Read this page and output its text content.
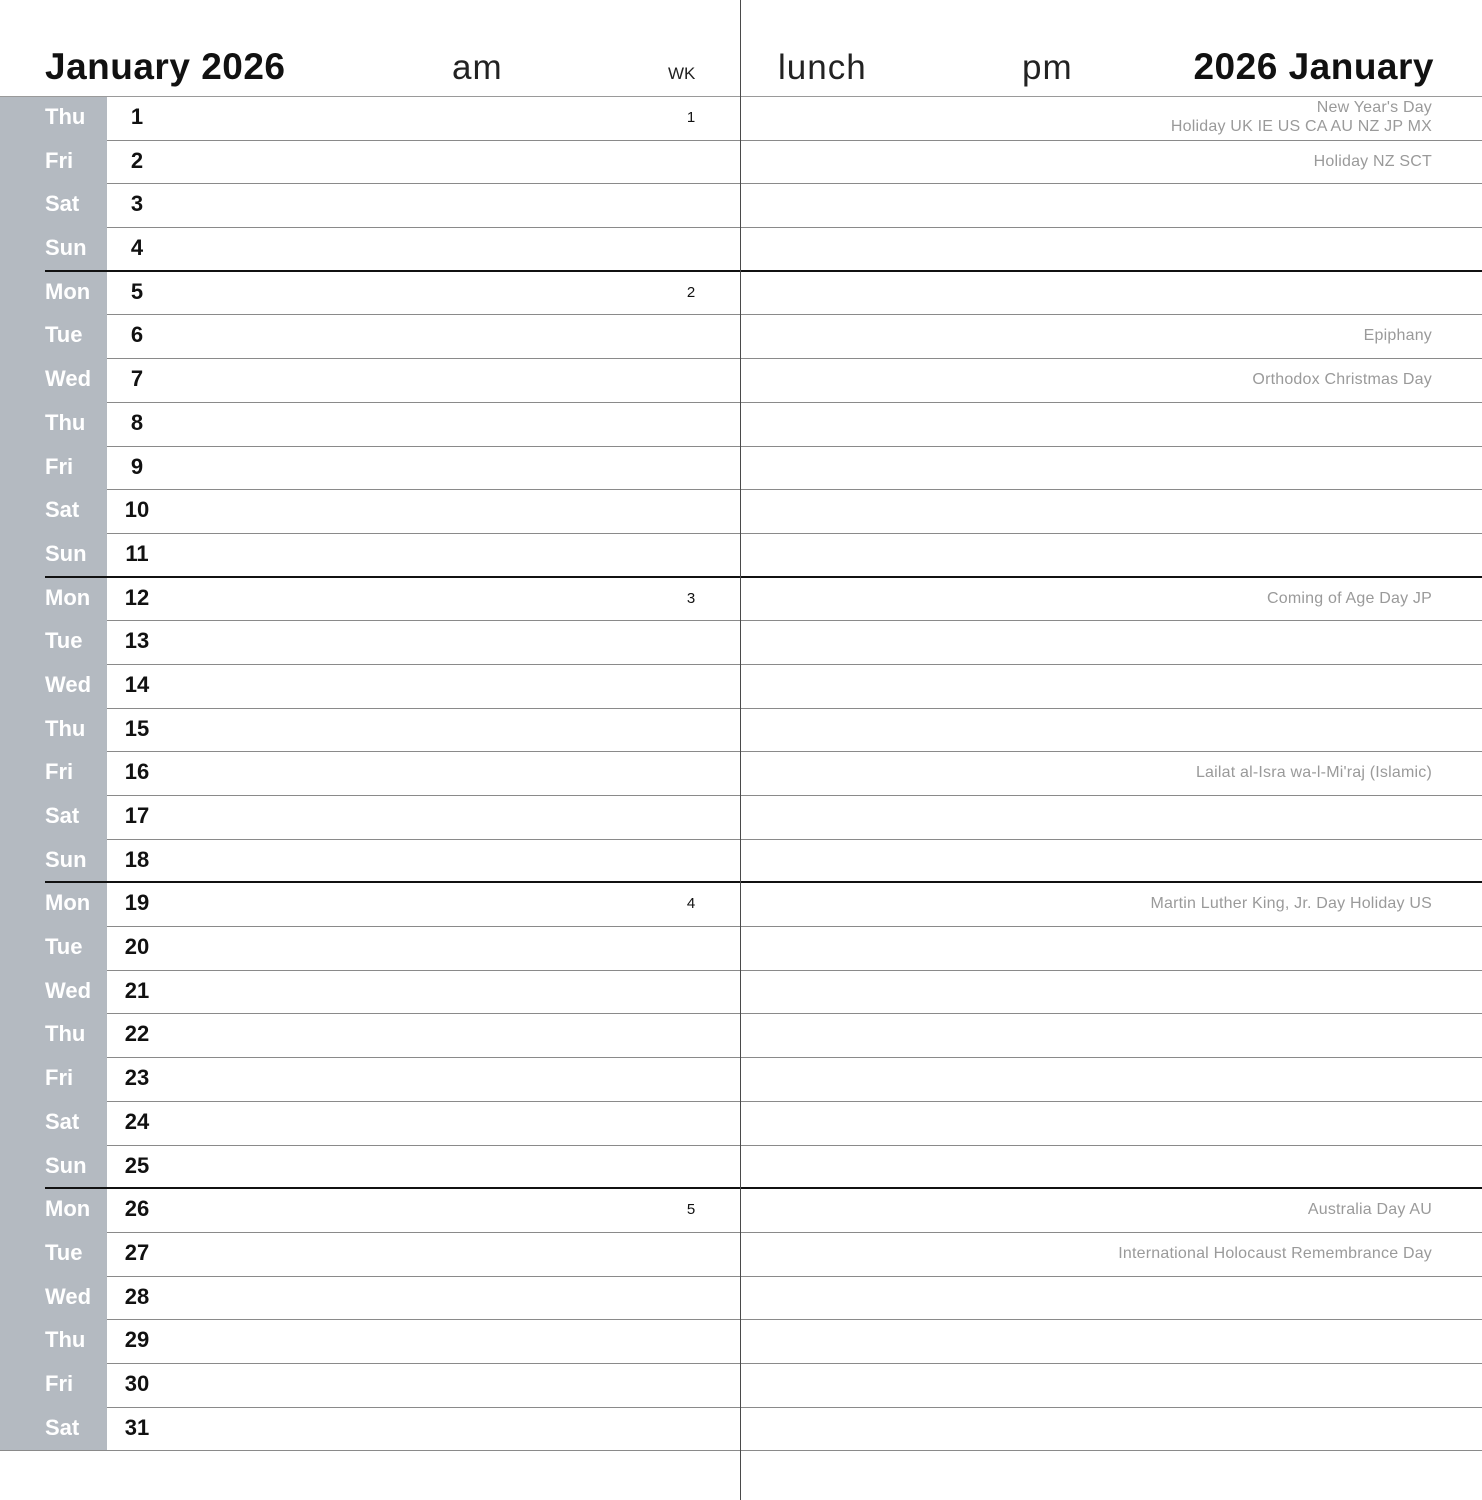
January 2026	am	WK lunch	pm	2026 January
Thu	1	1
New Year's Day
Holiday UK IE US CA AU NZ JP MX
Fri	2	Holiday NZ SCT
Sat	3
Sun	4
Mon	5	2
Tue	6	Epiphany
Wed	7	Orthodox Christmas Day
Thu	8
Fri	9
Sat	10
Sun	11
Mon	12	3	Coming of Age Day JP
Tue	13
Wed	14
Thu	15
Fri	16	Lailat al-Isra wa-l-Mi'raj (Islamic)
Sat	17
Sun	18
Mon	19	4	Martin Luther King, Jr. Day Holiday US
Tue	20
Wed	21
Thu	22
Fri	23
Sat	24
Sun	25
Mon	26	5	Australia Day AU
Tue	27	International Holocaust Remembrance Day
Wed	28
Thu	29
Fri	30
Sat	31
